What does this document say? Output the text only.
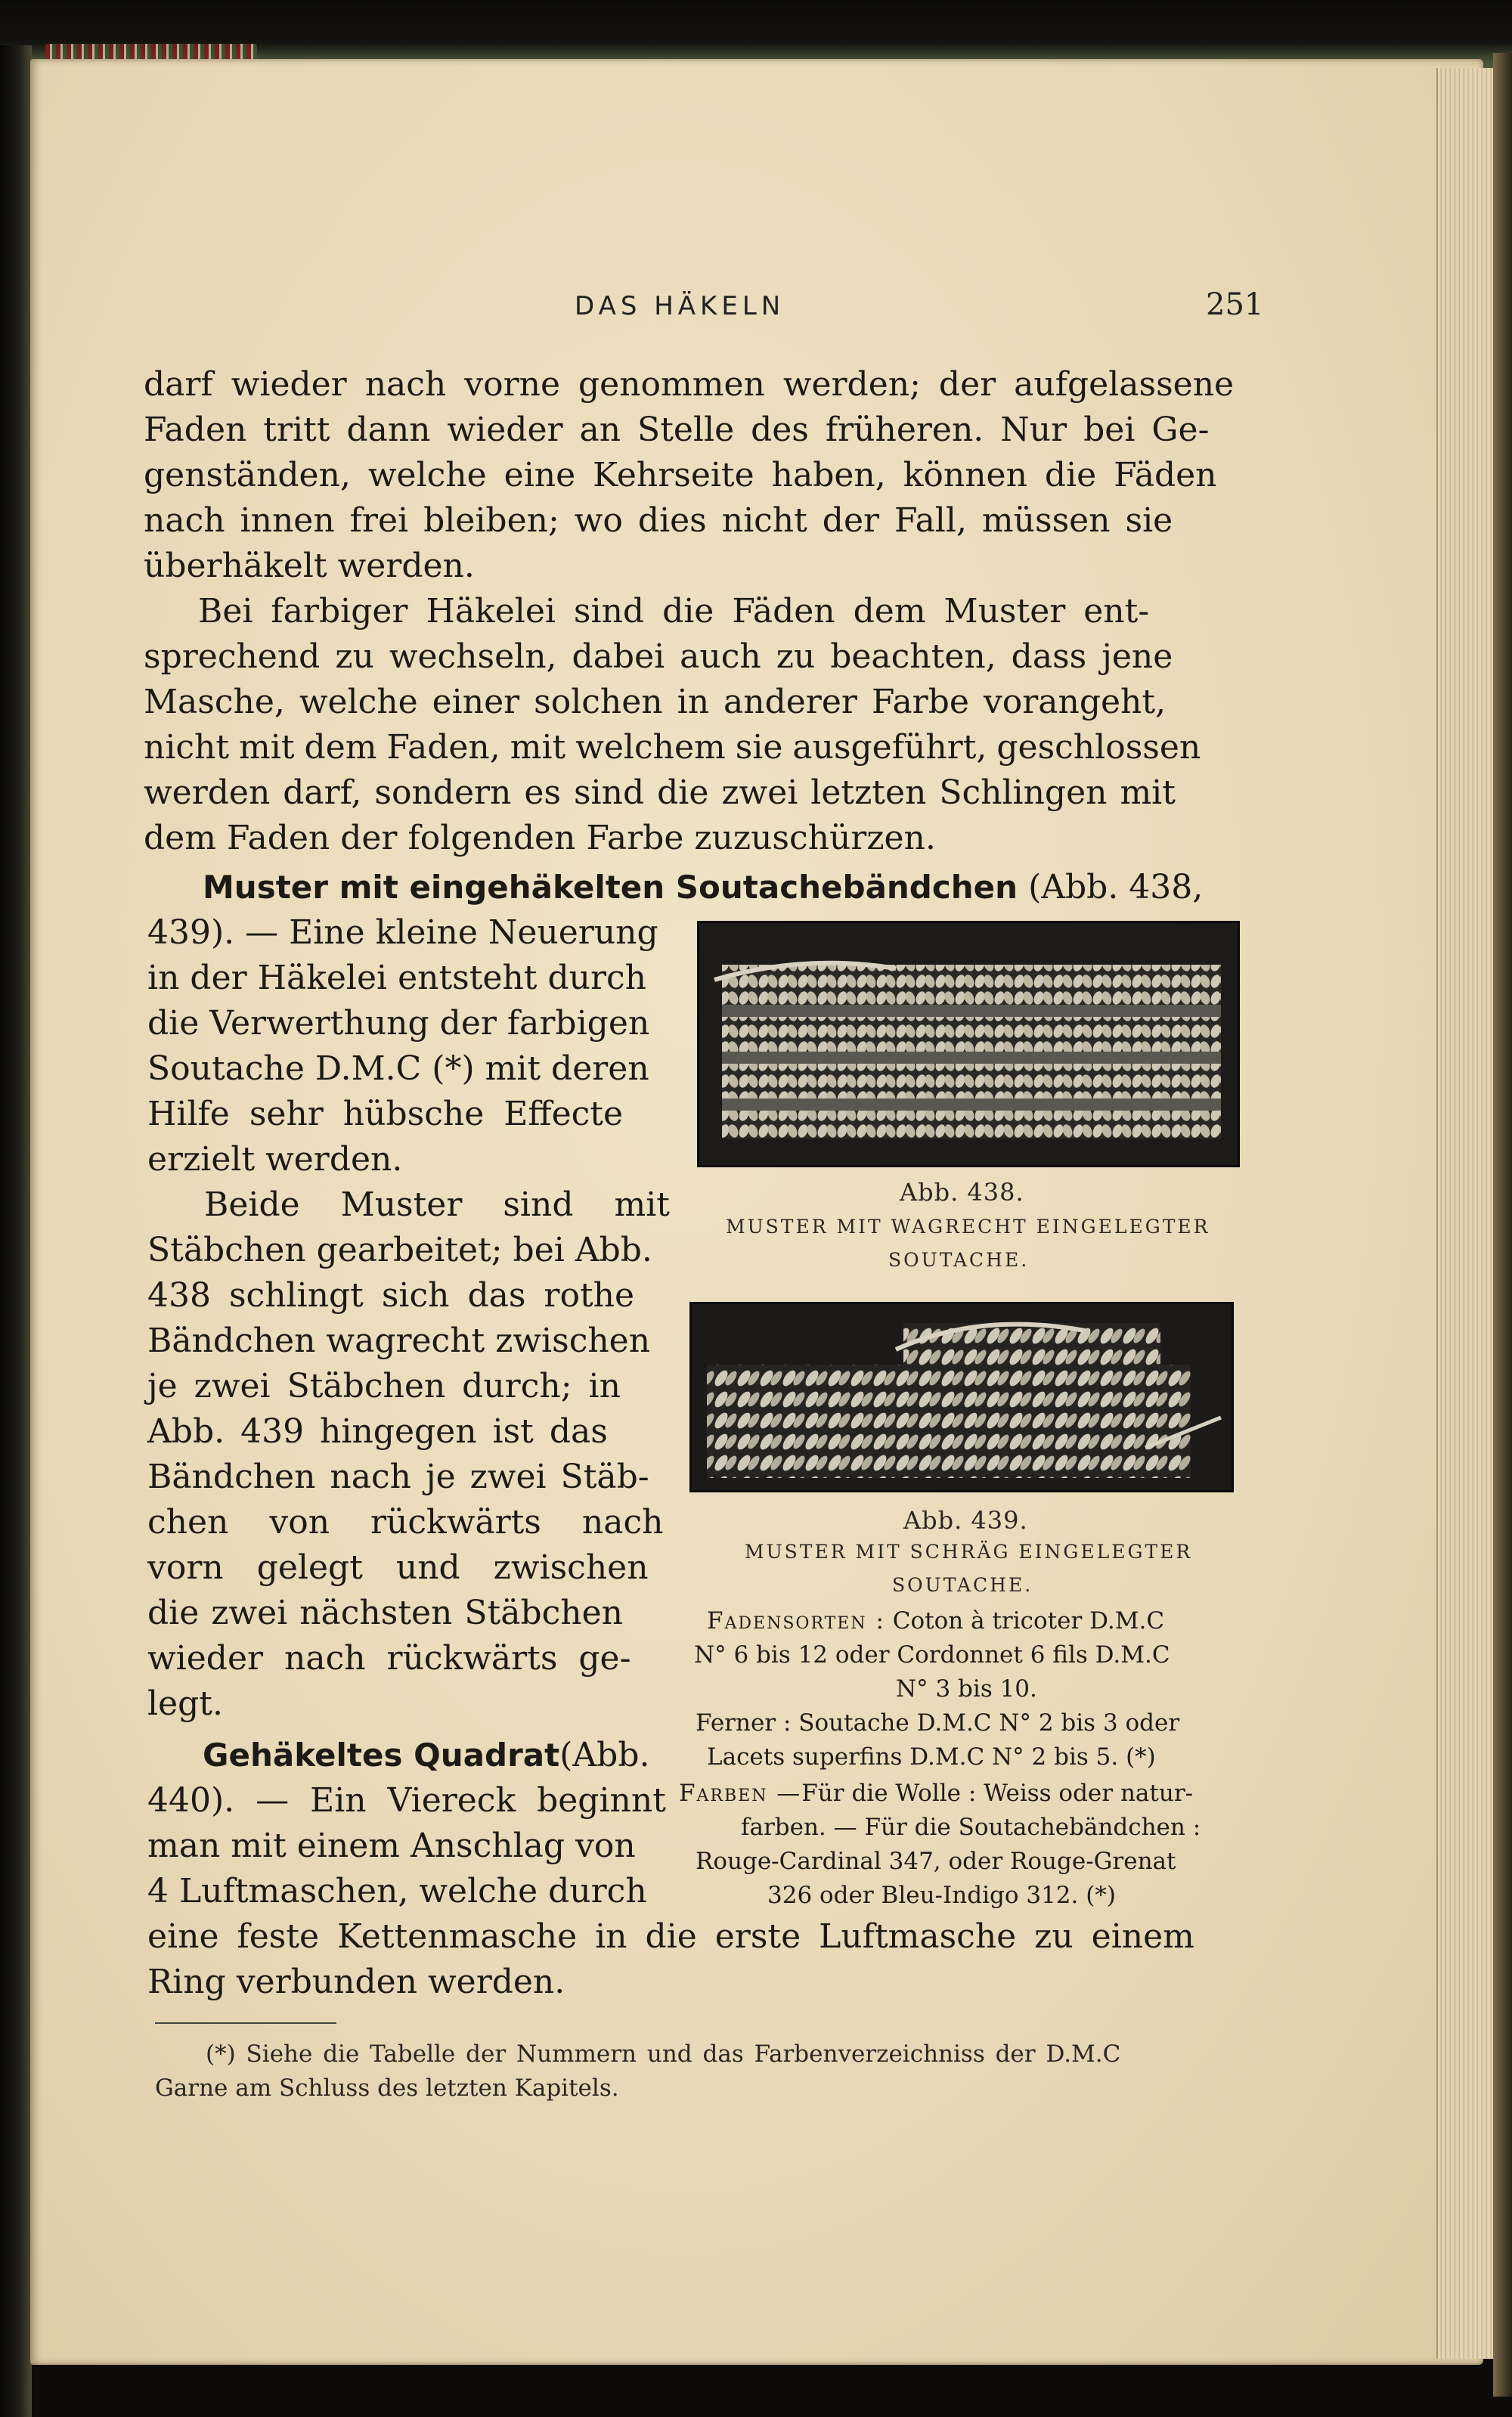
DAS HÄKELN	251
darf wieder nach vorne genommen werden; der aufgelassene
Faden tritt dann wieder an Stelle des früheren. Nur bei Ge-
genständen, welche eine Kehrseite haben, können die Fäden
nach innen frei bleiben; wo dies nicht der Fall, müssen sie
überhäkelt werden.
Bei farbiger Häkelei sind die Fäden dem Muster ent-
sprechend zu wechseln, dabei auch zu beachten, dass jene
Masche, welche einer solchen in anderer Farbe vorangeht,
nicht mit dem Faden, mit welchem sie ausgeführt, geschlossen
werden darf, sondern es sind die zwei letzten Schlingen mit
dem Faden der folgenden Farbe zuzuschürzen.
Muster mit eingehäkelten Soutachebändchen (Abb. 438,
439). — Eine kleine Neuerung
in der Häkelei entsteht durch
die Verwerthung der farbigen
Soutache D.M.C (*) mit deren
Hilfe sehr hübsche Effecte
erzielt werden.
Beide Muster sind mit
Stäbchen gearbeitet; bei Abb.
438 schlingt sich das rothe
Bändchen wagrecht zwischen
je zwei Stäbchen durch; in
Abb. 439 hingegen ist das
Bändchen nach je zwei Stäb-
chen von rückwärts nach
vorn gelegt und zwischen
die zwei nächsten Stäbchen
wieder nach rückwärts ge-
legt.
Gehäkeltes Quadrat(Abb.
440). — Ein Viereck beginnt
man mit einem Anschlag von
4 Luftmaschen, welche durch
eine feste Kettenmasche in die erste Luftmasche zu einem
Ring verbunden werden.
Abb. 438.
MUSTER MIT WAGRECHT EINGELEGTER
SOUTACHE.
Abb. 439.
MUSTER MIT SCHRÄG EINGELEGTER
SOUTACHE.
Fadensorten : Coton à tricoter D.M.C
N° 6 bis 12 oder Cordonnet 6 fils D.M.C
N° 3 bis 10.
Ferner : Soutache D.M.C N° 2 bis 3 oder
Lacets superfins D.M.C N° 2 bis 5. (*)
Farben —Für die Wolle : Weiss oder natur-
farben. — Für die Soutachebändchen :
Rouge-Cardinal 347, oder Rouge-Grenat
326 oder Bleu-Indigo 312. (*)
(*) Siehe die Tabelle der Nummern und das Farbenverzeichniss der D.M.C
Garne am Schluss des letzten Kapitels.
